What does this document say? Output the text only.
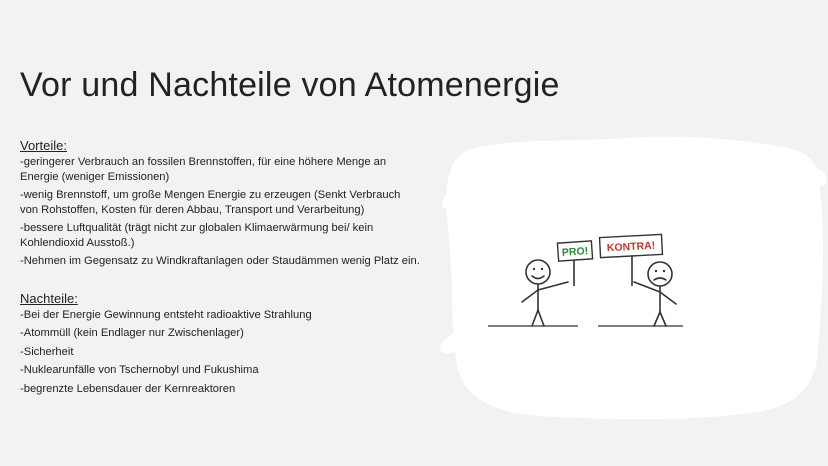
Vor und Nachteile von Atomenergie
Vorteile:
-geringerer Verbrauch an fossilen Brennstoffen, für eine höhere Menge an Energie (weniger Emissionen)
-wenig Brennstoff, um große Mengen Energie zu erzeugen (Senkt Verbrauch von Rohstoffen, Kosten für deren Abbau, Transport und Verarbeitung)
-bessere Luftqualität (trägt nicht zur globalen Klimaerwärmung bei/ kein Kohlendioxid Ausstoß.)
-Nehmen im Gegensatz zu Windkraftanlagen oder Staudämmen wenig Platz ein.
Nachteile:
-Bei der Energie Gewinnung entsteht radioaktive Strahlung
-Atommüll (kein Endlager nur Zwischenlager)
-Sicherheit
-Nuklearunfälle von Tschernobyl und Fukushima
-begrenzte Lebensdauer der Kernreaktoren
PRO! KONTRA!
